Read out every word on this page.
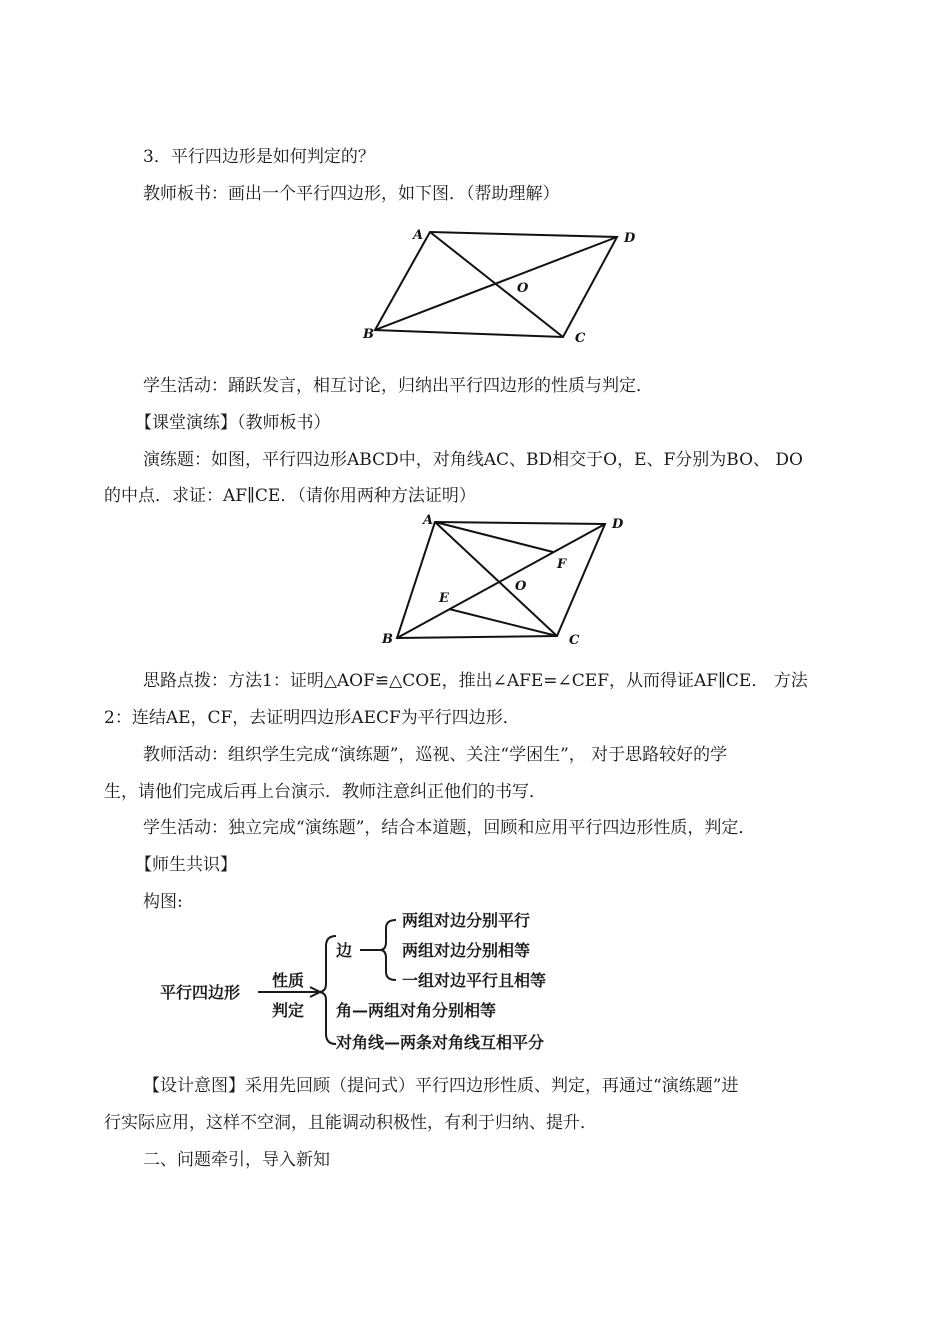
3．平行四边形是如何判定的？
教师板书：画出一个平行四边形，如下图．（帮助理解）
A	D
O
B	C
学生活动：踊跃发言，相互讨论，归纳出平行四边形的性质与判定．
【课堂演练】（教师板书）
演练题：如图，平行四边形ABCD中，对角线AC、BD相交于O，E、F分别为BO、 DO
的中点．求证：AF∥CE．（请你用两种方法证明）
A	D
F
O
E
B	C
思路点拨：方法1：证明△AOF≌△COE，推出∠AFE=∠CEF，从而得证AF∥CE． 方法
2：连结AE，CF，去证明四边形AECF为平行四边形．
教师活动：组织学生完成“演练题”，巡视、关注“学困生”， 对于思路较好的学
生，请他们完成后再上台演示．教师注意纠正他们的书写．
学生活动：独立完成“演练题”，结合本道题，回顾和应用平行四边形性质，判定．
【师生共识】
构图:
平行四边形
性质
判定
边
两组对边分别平行
两组对边分别相等
一组对边平行且相等
角—两组对角分别相等
对角线—两条对角线互相平分
【设计意图】采用先回顾（提问式）平行四边形性质、判定，再通过“演练题”进
行实际应用，这样不空洞，且能调动积极性，有利于归纳、提升．
二、问题牵引，导入新知
